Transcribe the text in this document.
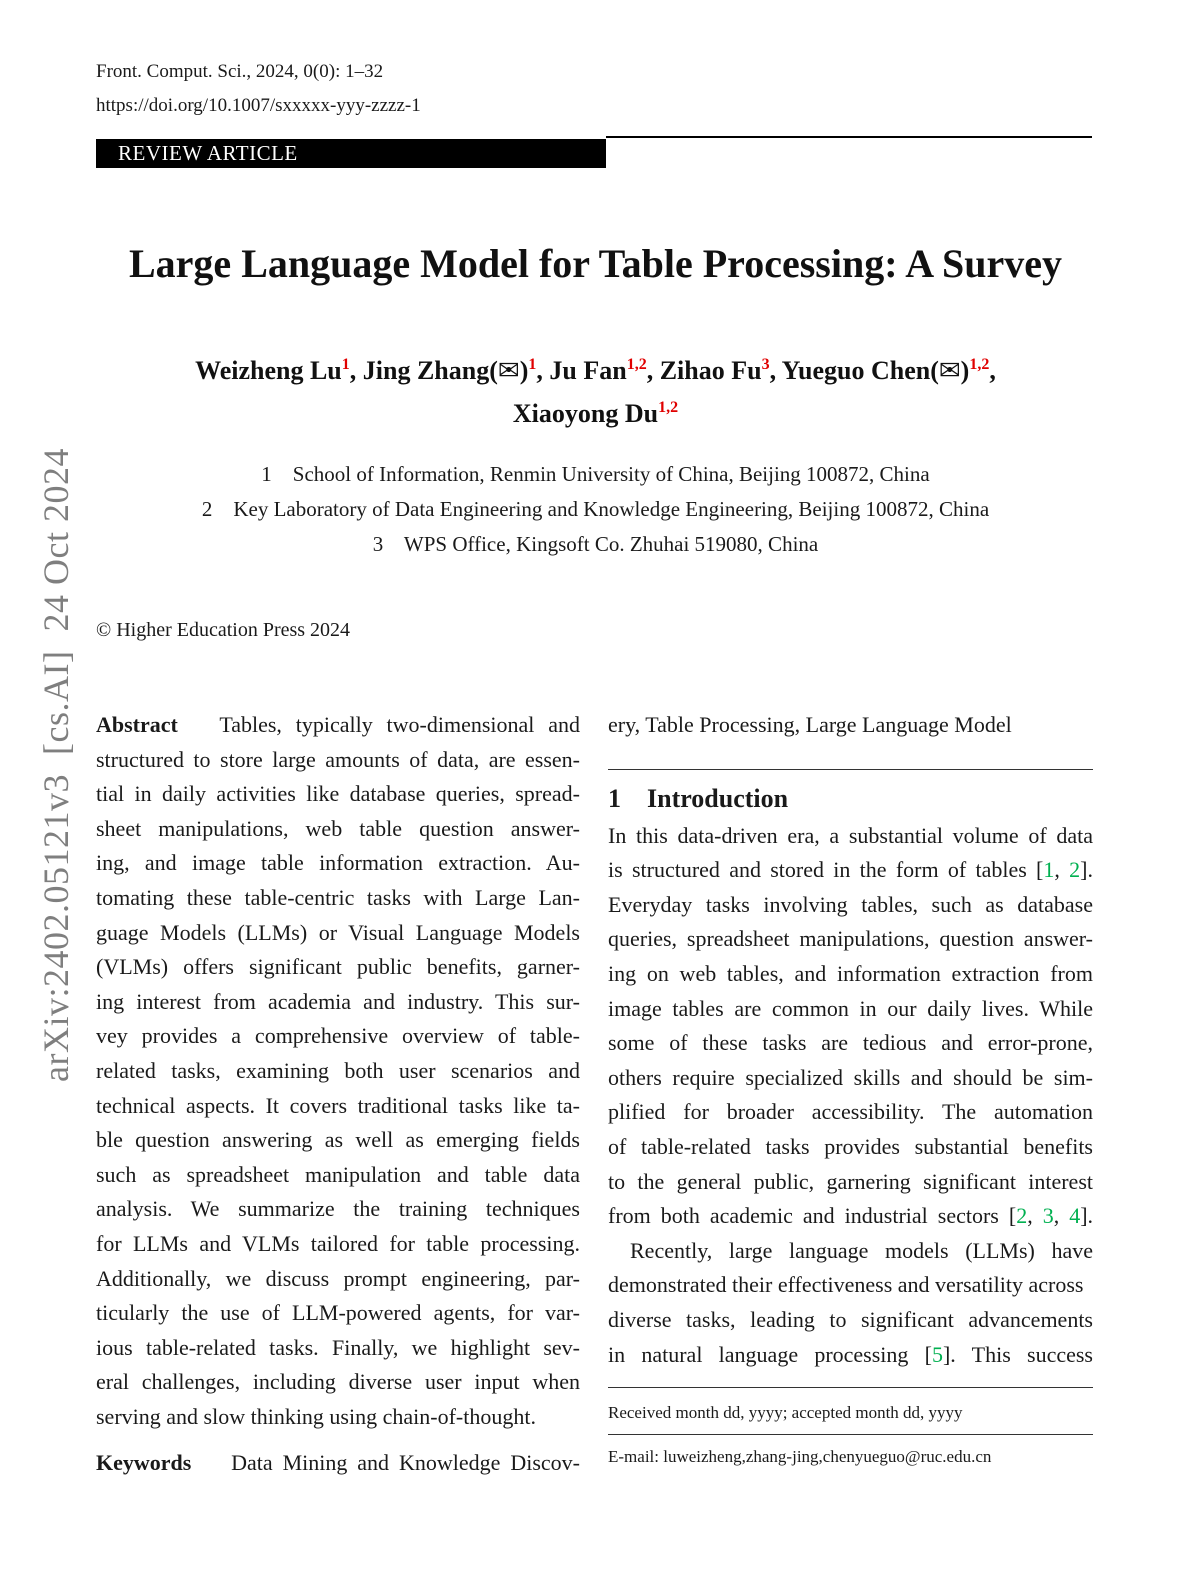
Front. Comput. Sci., 2024, 0(0): 1–32
https://doi.org/10.1007/sxxxxx-yyy-zzzz-1
REVIEW ARTICLE
Large Language Model for Table Processing: A Survey
Weizheng Lu$^1$, Jing Zhang(✉)$^1$, Ju Fan$^{1,2}$, Zihao Fu$^3$, Yueguo Chen(✉)$^{1,2}$,
Xiaoyong Du$^{1,2}$
1 School of Information, Renmin University of China, Beijing 100872, China
2 Key Laboratory of Data Engineering and Knowledge Engineering, Beijing 100872, China
3 WPS Office, Kingsoft Co. Zhuhai 519080, China
© Higher Education Press 2024
arXiv:2402.05121v3  [cs.AI]  24 Oct 2024 Abstract Tables, typically two-dimensional and
structured to store large amounts of data, are essen-
tial in daily activities like database queries, spread-
sheet manipulations, web table question answer-
ing, and image table information extraction. Au-
tomating these table-centric tasks with Large Lan-
guage Models (LLMs) or Visual Language Models
(VLMs) offers significant public benefits, garner-
ing interest from academia and industry. This sur-
vey provides a comprehensive overview of table-
related tasks, examining both user scenarios and
technical aspects. It covers traditional tasks like ta-
ble question answering as well as emerging fields
such as spreadsheet manipulation and table data
analysis. We summarize the training techniques
for LLMs and VLMs tailored for table processing.
Additionally, we discuss prompt engineering, par-
ticularly the use of LLM-powered agents, for var-
ious table-related tasks. Finally, we highlight sev-
eral challenges, including diverse user input when
serving and slow thinking using chain-of-thought.
Keywords Data Mining and Knowledge Discov-
ery, Table Processing, Large Language Model
1 Introduction
In this data-driven era, a substantial volume of data
is structured and stored in the form of tables [1, 2].
Everyday tasks involving tables, such as database
queries, spreadsheet manipulations, question answer-
ing on web tables, and information extraction from
image tables are common in our daily lives. While
some of these tasks are tedious and error-prone,
others require specialized skills and should be sim-
plified for broader accessibility. The automation
of table-related tasks provides substantial benefits
to the general public, garnering significant interest
from both academic and industrial sectors [2, 3, 4].
Recently, large language models (LLMs) have
demonstrated their effectiveness and versatility across
diverse tasks, leading to significant advancements
in natural language processing [5]. This success
Received month dd, yyyy; accepted month dd, yyyy
E-mail: luweizheng,zhang-jing,chenyueguo@ruc.edu.cn
